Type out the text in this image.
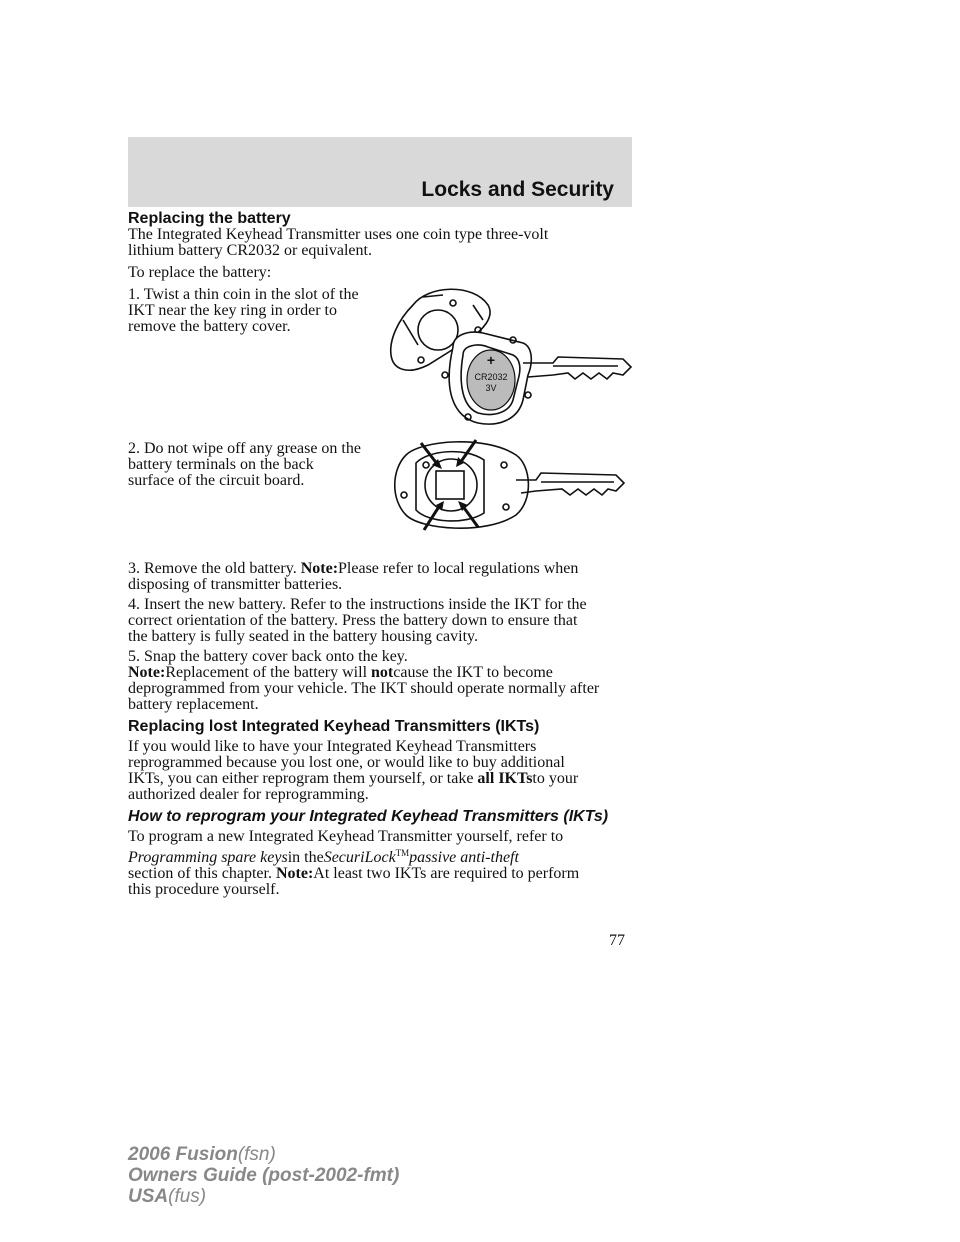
Locks and Security
Replacing the battery
The Integrated Keyhead Transmitter uses one coin type three-volt
lithium battery CR2032 or equivalent.
To replace the battery:
1. Twist a thin coin in the slot of the
IKT near the key ring in order to
remove the battery cover.
+
CR2032
3V
2. Do not wipe off any grease on the
battery terminals on the back
surface of the circuit board.
3. Remove the old battery. Note:Please refer to local regulations when
disposing of transmitter batteries.
4. Insert the new battery. Refer to the instructions inside the IKT for the
correct orientation of the battery. Press the battery down to ensure that
the battery is fully seated in the battery housing cavity.
5. Snap the battery cover back onto the key.
Note:Replacement of the battery will notcause the IKT to become
deprogrammed from your vehicle. The IKT should operate normally after
battery replacement.
Replacing lost Integrated Keyhead Transmitters (IKTs)
If you would like to have your Integrated Keyhead Transmitters
reprogrammed because you lost one, or would like to buy additional
IKTs, you can either reprogram them yourself, or take all IKTsto your
authorized dealer for reprogramming.
How to reprogram your Integrated Keyhead Transmitters (IKTs)
To program a new Integrated Keyhead Transmitter yourself, refer to
Programming spare keysin theSecuriLock™passive anti-theft
section of this chapter. Note:At least two IKTs are required to perform
this procedure yourself.
77
2006 Fusion(fsn)
Owners Guide (post-2002-fmt)
USA(fus)
